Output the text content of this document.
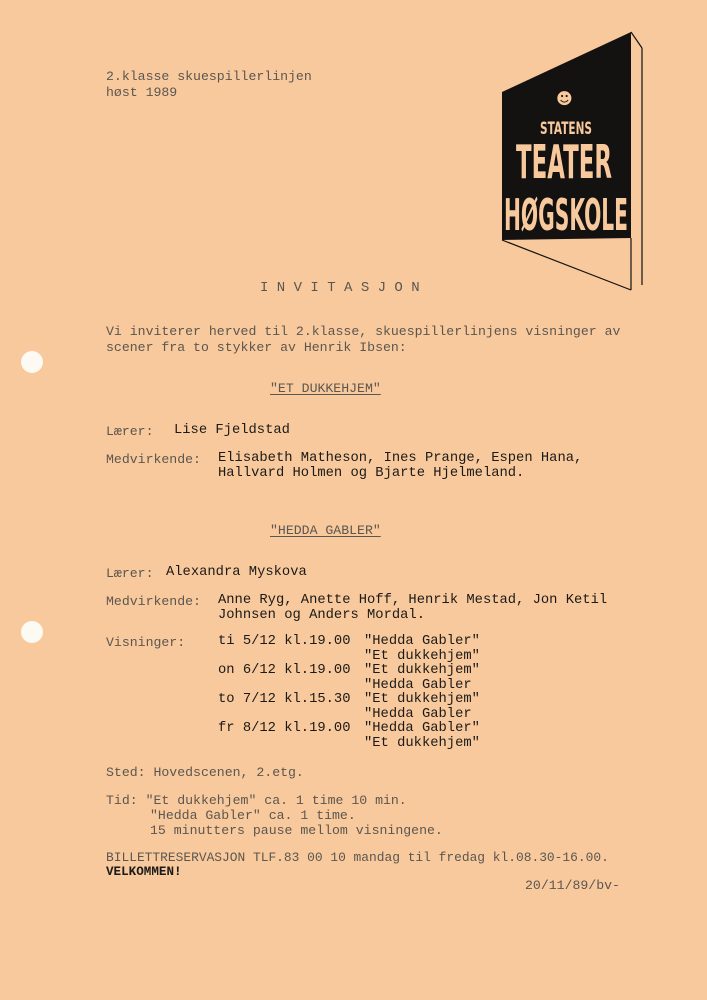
2.klasse skuespillerlinjen
høst 1989	☻
STATENS
TEATER
HØGSKOLE
I N V I T A S J O N
Vi inviterer herved til 2.klasse, skuespillerlinjens visninger av
scener fra to stykker av Henrik Ibsen:
"ET DUKKEHJEM"
Lærer: Lise Fjeldstad
Medvirkende: Elisabeth Matheson, Ines Prange, Espen Hana,
Hallvard Holmen og Bjarte Hjelmeland.
"HEDDA GABLER"
Lærer: Alexandra Myskova
Medvirkende: Anne Ryg, Anette Hoff, Henrik Mestad, Jon Ketil
Johnsen og Anders Mordal.
Visninger: ti 5/12 kl.19.00 "Hedda Gabler"
"Et dukkehjem"
on 6/12 kl.19.00 "Et dukkehjem"
"Hedda Gabler
to 7/12 kl.15.30 "Et dukkehjem"
"Hedda Gabler
fr 8/12 kl.19.00 "Hedda Gabler"
"Et dukkehjem"
Sted: Hovedscenen, 2.etg.
Tid: "Et dukkehjem" ca. 1 time 10 min.
"Hedda Gabler" ca. 1 time.
15 minutters pause mellom visningene.
BILLETTRESERVASJON TLF.83 00 10 mandag til fredag kl.08.30-16.00.
VELKOMMEN!
20/11/89/bv-
